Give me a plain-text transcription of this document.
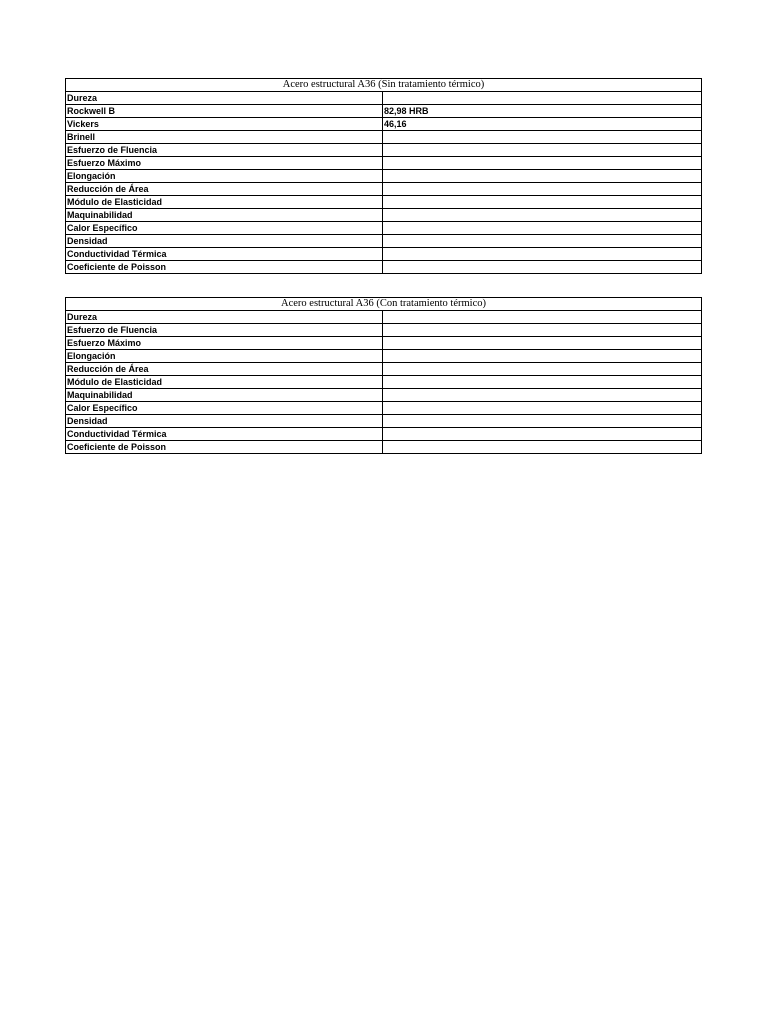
Acero estructural A36 (Sin tratamiento térmico)	
Dureza	
Rockwell B	82,98 HRB
Vickers	46,16
Brinell	
Esfuerzo de Fluencia	
Esfuerzo Máximo	
Elongación	
Reducción de Área	
Módulo de Elasticidad	
Maquinabilidad	
Calor Específico	
Densidad	
Conductividad Térmica	
Coeficiente de Poisson	
Acero estructural A36 (Con tratamiento térmico)	
Dureza	
Esfuerzo de Fluencia	
Esfuerzo Máximo	
Elongación	
Reducción de Área	
Módulo de Elasticidad	
Maquinabilidad	
Calor Específico	
Densidad	
Conductividad Térmica	
Coeficiente de Poisson	
